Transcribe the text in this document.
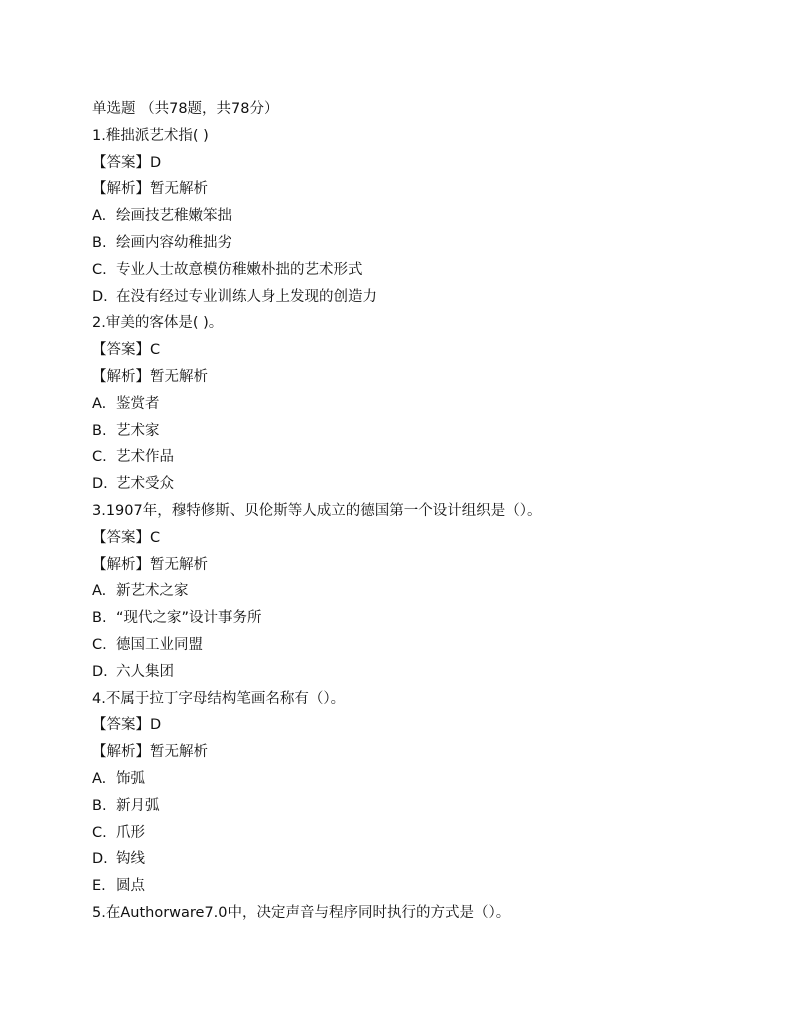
单选题 （共78题，共78分）
1.稚拙派艺术指( )
【答案】D
【解析】暂无解析
A. 绘画技艺稚嫩笨拙
B. 绘画内容幼稚拙劣
C. 专业人士故意模仿稚嫩朴拙的艺术形式
D. 在没有经过专业训练人身上发现的创造力
2.审美的客体是( )。
【答案】C
【解析】暂无解析
A. 鉴赏者
B. 艺术家
C. 艺术作品
D. 艺术受众
3.1907年，穆特修斯、贝伦斯等人成立的德国第一个设计组织是（）。
【答案】C
【解析】暂无解析
A. 新艺术之家
B. “现代之家”设计事务所
C. 德国工业同盟
D. 六人集团
4.不属于拉丁字母结构笔画名称有（）。
【答案】D
【解析】暂无解析
A. 饰弧
B. 新月弧
C. 爪形
D. 钩线
E. 圆点
5.在Authorware7.0中，决定声音与程序同时执行的方式是（）。
